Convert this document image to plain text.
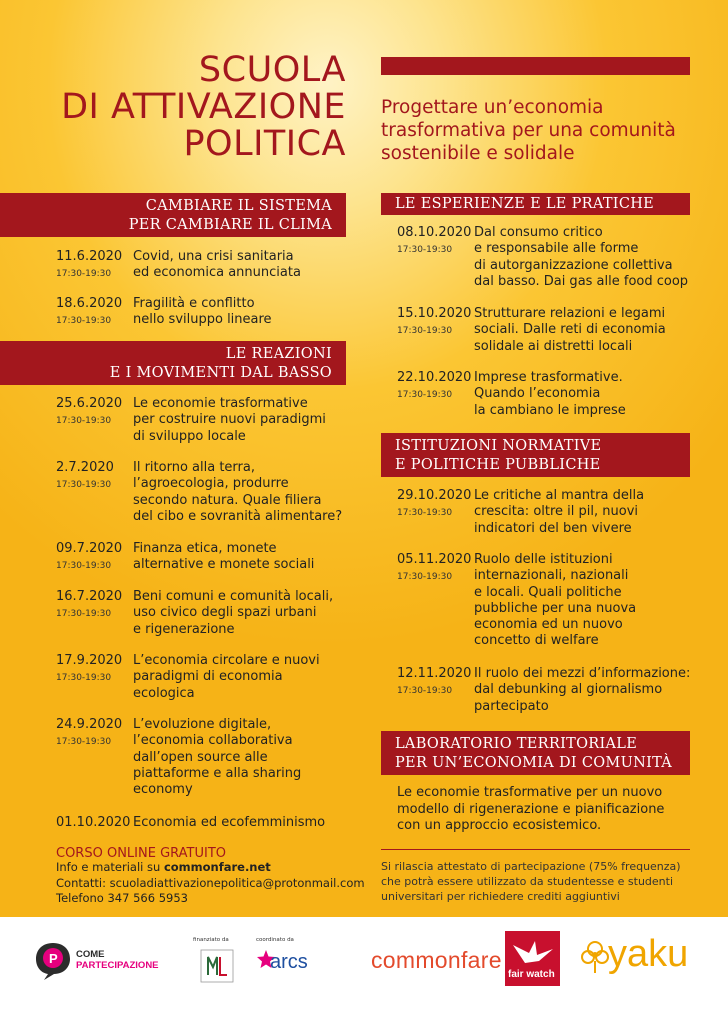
SCUOLA
DI ATTIVAZIONE
POLITICA
Progettare un’economia
trasformativa per una comunità
sostenibile e solidale
CAMBIARE IL SISTEMA
PER CAMBIARE IL CLIMA
11.6.2020
17:30-19:30
Covid, una crisi sanitaria
ed economica annunciata
18.6.2020
17:30-19:30
Fragilità e conflitto
nello sviluppo lineare
LE REAZIONI
E I MOVIMENTI DAL BASSO
25.6.2020
17:30-19:30
Le economie trasformative
per costruire nuovi paradigmi
di sviluppo locale
2.7.2020
17:30-19:30
Il ritorno alla terra,
l’agroecologia, produrre
secondo natura. Quale filiera
del cibo e sovranità alimentare?
09.7.2020
17:30-19:30
Finanza etica, monete
alternative e monete sociali
16.7.2020
17:30-19:30
Beni comuni e comunità locali,
uso civico degli spazi urbani
e rigenerazione
17.9.2020
17:30-19:30
L’economia circolare e nuovi
paradigmi di economia
ecologica
24.9.2020
17:30-19:30
L’evoluzione digitale,
l’economia collaborativa
dall’open source alle
piattaforme e alla sharing
economy
01.10.2020 Economia ed ecofemminismo
CORSO ONLINE GRATUITO
Info e materiali su commonfare.net
Contatti: scuoladiattivazionepolitica@protonmail.com
Telefono 347 566 5953
LE ESPERIENZE E LE PRATICHE
08.10.2020
17:30-19:30
Dal consumo critico
e responsabile alle forme
di autorganizzazione collettiva
dal basso. Dai gas alle food coop
15.10.2020
17:30-19:30
Strutturare relazioni e legami
sociali. Dalle reti di economia
solidale ai distretti locali
22.10.2020
17:30-19:30
Imprese trasformative.
Quando l’economia
la cambiano le imprese
ISTITUZIONI NORMATIVE
E POLITICHE PUBBLICHE
29.10.2020
17:30-19:30
Le critiche al mantra della
crescita: oltre il pil, nuovi
indicatori del ben vivere
05.11.2020
17:30-19:30
Ruolo delle istituzioni
internazionali, nazionali
e locali. Quali politiche
pubbliche per una nuova
economia ed un nuovo
concetto di welfare
12.11.2020
17:30-19:30
Il ruolo dei mezzi d’informazione:
dal debunking al giornalismo
partecipato
LABORATORIO TERRITORIALE
PER UN’ECONOMIA DI COMUNITÀ
Le economie trasformative per un nuovo
modello di rigenerazione e pianificazione
con un approccio ecosistemico.
Si rilascia attestato di partecipazione (75% frequenza)
che potrà essere utilizzato da studentesse e studenti
universitari per richiedere crediti aggiuntivi
P COME
PARTECIPAZIONE
finanziato da	coordinato da
arcs	commonfare
fair watch yaku
